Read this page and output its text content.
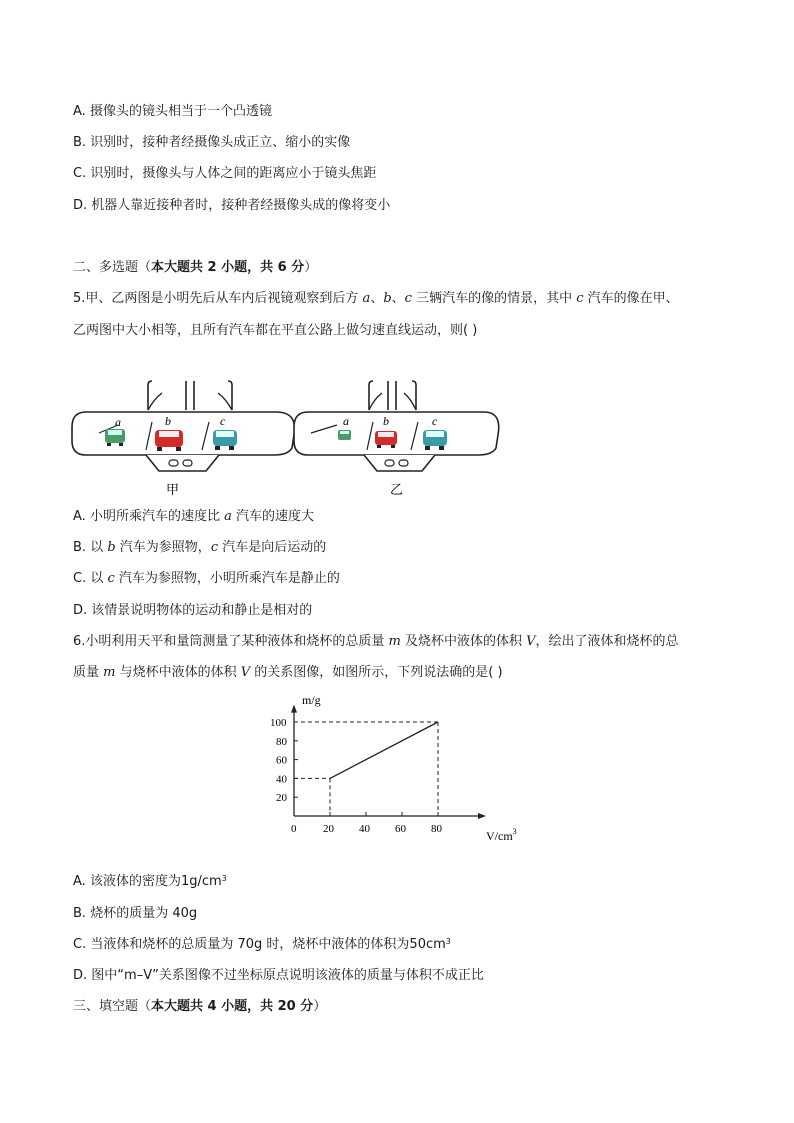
A. 摄像头的镜头相当于一个凸透镜
B. 识别时，接种者经摄像头成正立、缩小的实像
C. 识别时，摄像头与人体之间的距离应小于镜头焦距
D. 机器人靠近接种者时，接种者经摄像头成的像将变小
二、多选题（本大题共 2 小题，共 6 分）
5.甲、乙两图是小明先后从车内后视镜观察到后方 a、b、c 三辆汽车的像的情景，其中 c 汽车的像在甲、
乙两图中大小相等，且所有汽车都在平直公路上做匀速直线运动，则( )
a	b	c
甲
a	b	c
乙
A. 小明所乘汽车的速度比 a 汽车的速度大
B. 以 b 汽车为参照物，c 汽车是向后运动的
C. 以 c 汽车为参照物，小明所乘汽车是静止的
D. 该情景说明物体的运动和静止是相对的
6.小明利用天平和量筒测量了某种液体和烧杯的总质量 m 及烧杯中液体的体积 V，绘出了液体和烧杯的总
质量 m 与烧杯中液体的体积 V 的关系图像，如图所示，下列说法确的是( )
0 20 40 60 80
20
40
60
80
100
m/g
$V/cm^3$
A. 该液体的密度为$1g/cm^3$
B. 烧杯的质量为 40g
C. 当液体和烧杯的总质量为 70g 时，烧杯中液体的体积为$50cm^3$
D. 图中“m–V”关系图像不过坐标原点说明该液体的质量与体积不成正比
三、填空题（本大题共 4 小题，共 20 分）
